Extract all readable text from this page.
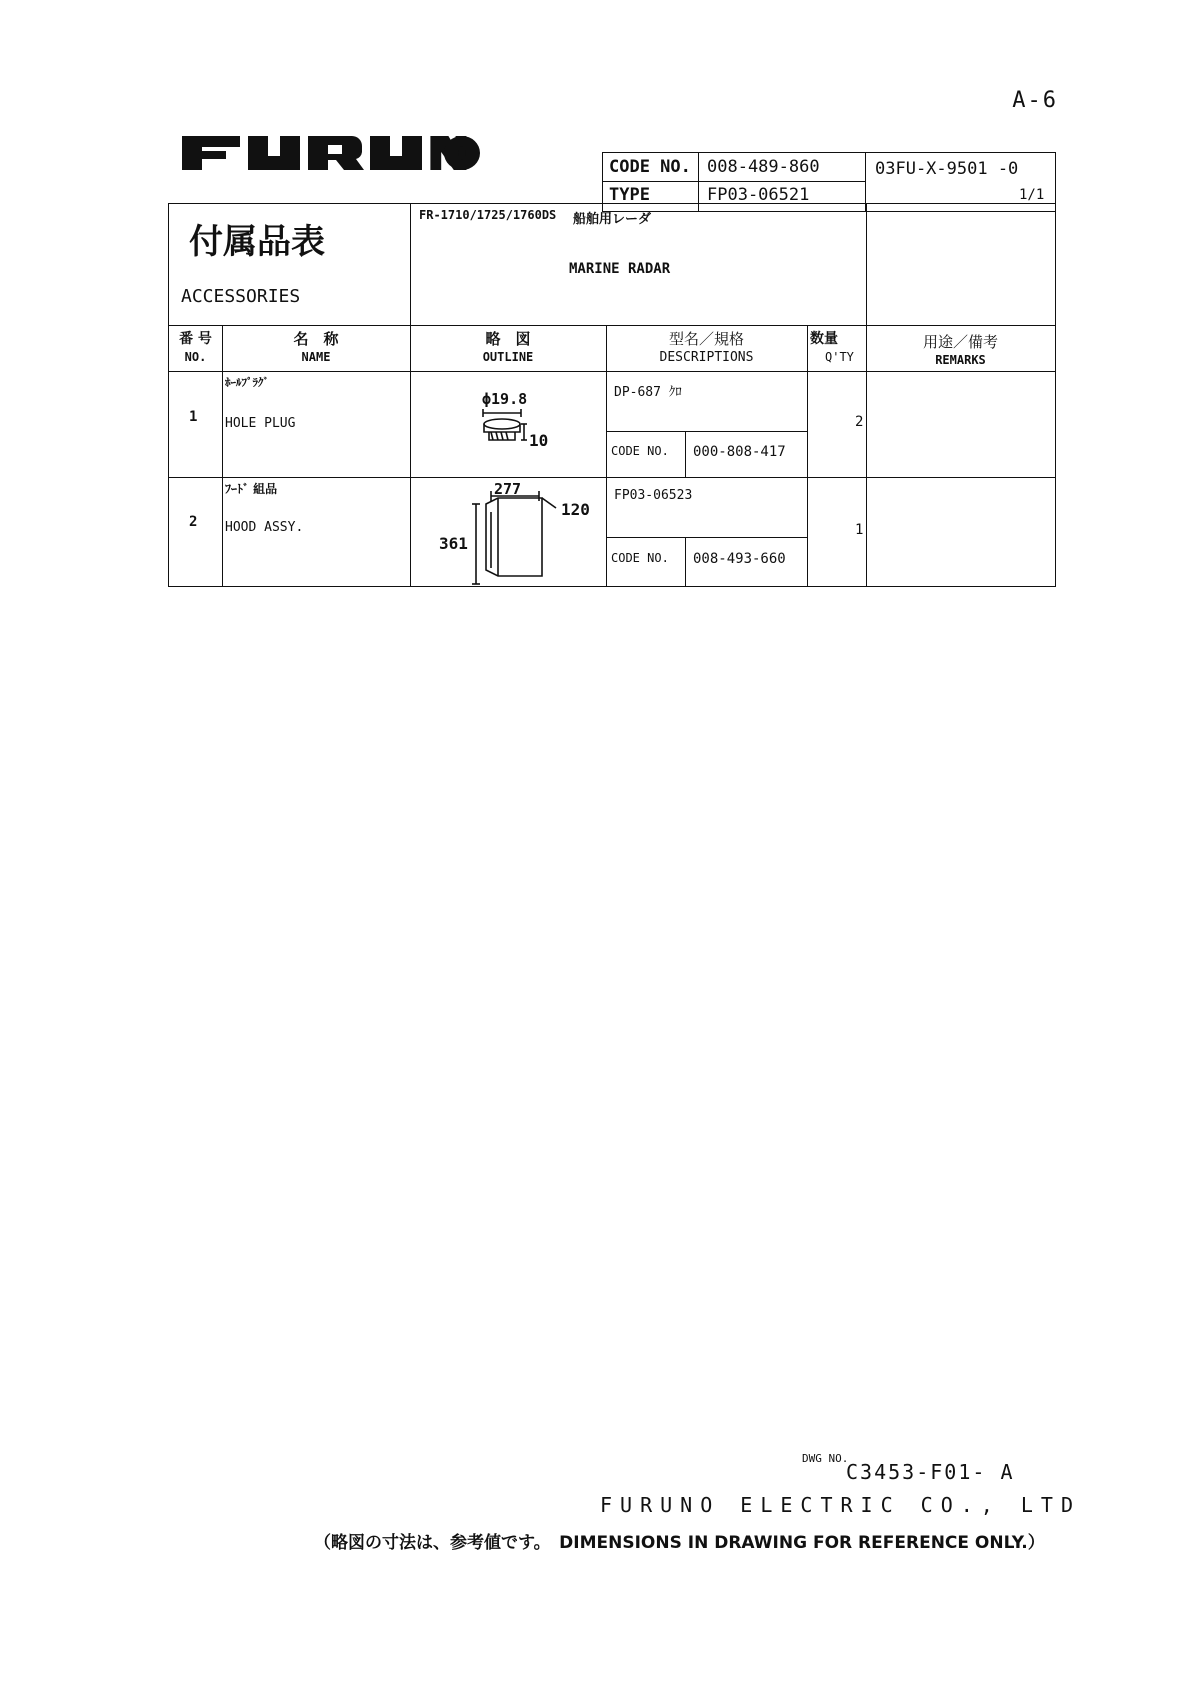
A-6
CODE NO. 008-489-860
TYPE	FP03-06521
03FU-X-9501 -0
1/1
付属品表
ACCESSORIES
FR-1710/1725/1760DS 船舶用レーダ
MARINE RADAR
番 号
NO.
名　称
NAME
略　図
OUTLINE
型名／規格
DESCRIPTIONS
数量
Q'TY
用途／備考
REMARKS
1
ﾎｰﾙﾌﾟﾗｸﾞ
HOLE PLUG
DP-687 ｸﾛ
CODE NO. 000-808-417
2
ϕ19.8
10
2
ﾌｰﾄﾞ 組品
HOOD ASSY.
FP03-06523
CODE NO. 008-493-660
1
277
120
361
DWG NO.
C3453-F01- A
FURUNO ELECTRIC CO., LTD
（略図の寸法は、参考値です。　DIMENSIONS IN DRAWING FOR REFERENCE ONLY.）
